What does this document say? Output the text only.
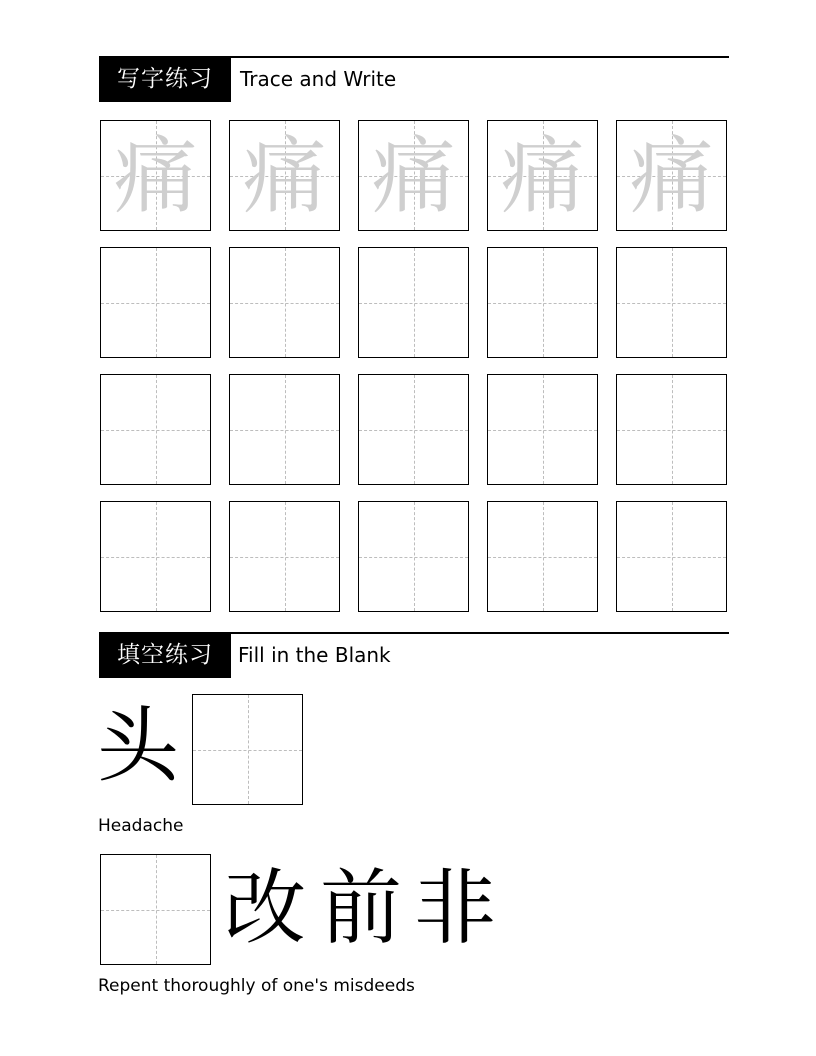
写字练习	Trace and Write
痛 痛 痛 痛 痛
填空练习	Fill in the Blank
头
Headache
改 前 非
Repent thoroughly of one's misdeeds
